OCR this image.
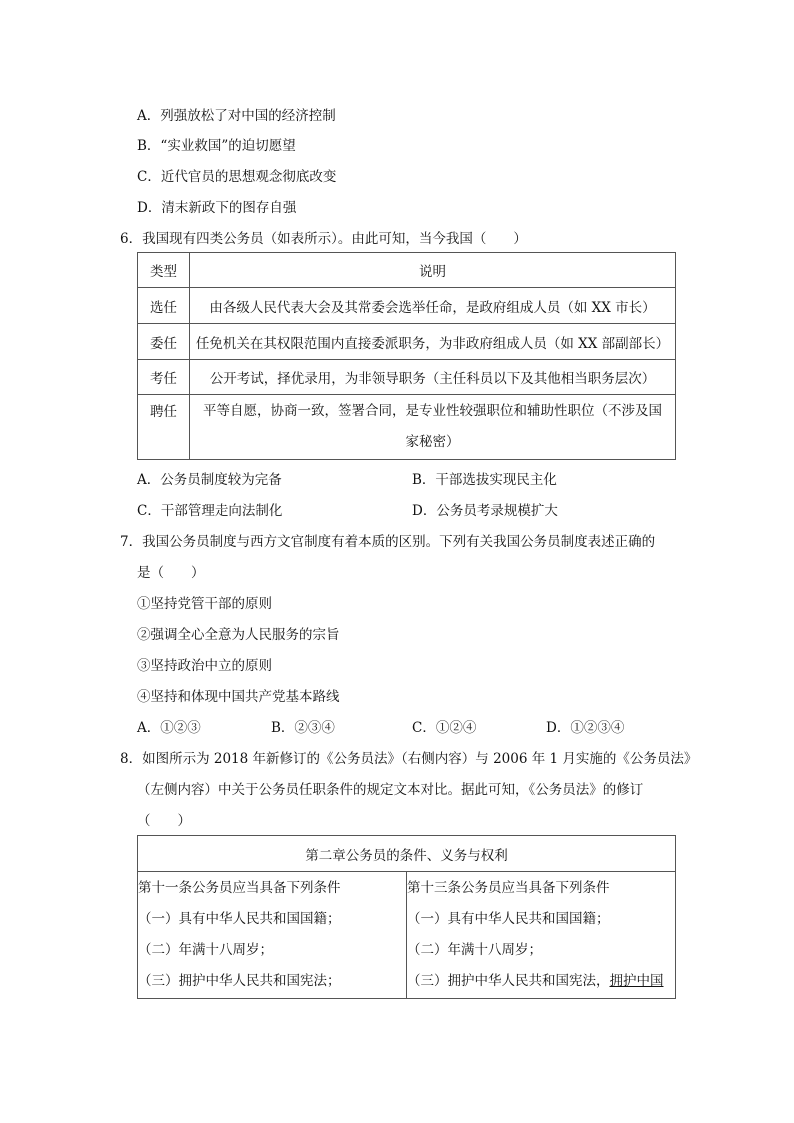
A．列强放松了对中国的经济控制
B．“实业救国”的迫切愿望
C．近代官员的思想观念彻底改变
D．清末新政下的图存自强
6．我国现有四类公务员（如表所示）。由此可知，当今我国（　　）
类型	说明
选任	由各级人民代表大会及其常委会选举任命，是政府组成人员（如 XX 市长）
委任	任免机关在其权限范围内直接委派职务，为非政府组成人员（如 XX 部副部长）
考任	公开考试，择优录用，为非领导职务（主任科员以下及其他相当职务层次）
聘任	平等自愿，协商一致，签署合同，是专业性较强职位和辅助性职位（不涉及国
家秘密）
A．公务员制度较为完备	B．干部选拔实现民主化
C．干部管理走向法制化	D．公务员考录规模扩大
7．我国公务员制度与西方文官制度有着本质的区别。下列有关我国公务员制度表述正确的
是（　　）
①坚持党管干部的原则
②强调全心全意为人民服务的宗旨
③坚持政治中立的原则
④坚持和体现中国共产党基本路线
A．①②③	B．②③④	C．①②④	D．①②③④
8．如图所示为 2018 年新修订的《公务员法》（右侧内容）与 2006 年 1 月实施的《公务员法》
（左侧内容）中关于公务员任职条件的规定文本对比。据此可知，《公务员法》的修订
（　　）
第二章公务员的条件、义务与权利

第十一条公务员应当具备下列条件
（一）具有中华人民共和国国籍；
（二）年满十八周岁；
（三）拥护中华人民共和国宪法；

第十三条公务员应当具备下列条件
（一）具有中华人民共和国国籍；
（二）年满十八周岁；
（三）拥护中华人民共和国宪法，拥护中国
